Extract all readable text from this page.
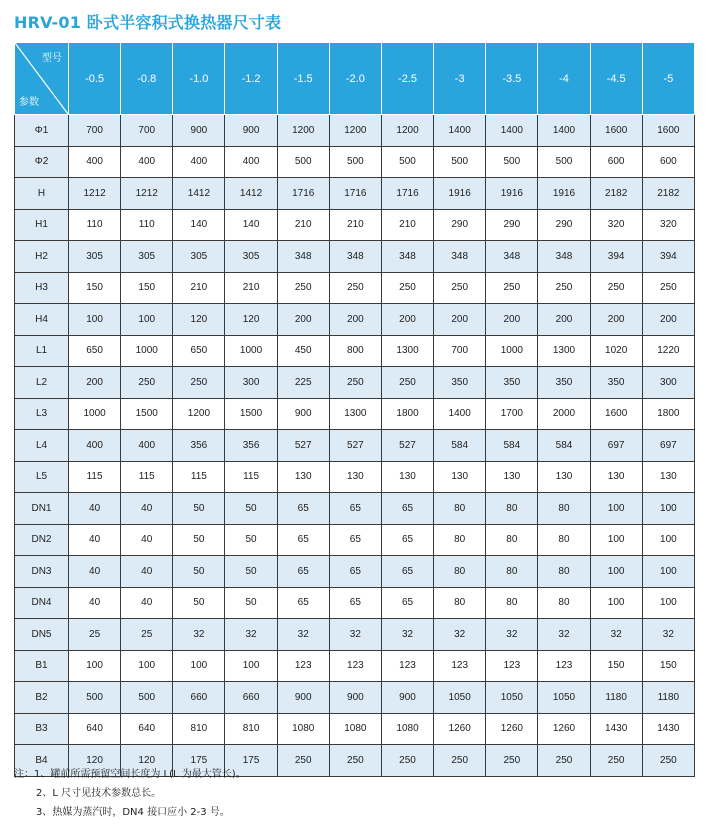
HRV-01 卧式半容积式换热器尺寸表
型号
参数	-0.5	-0.8	-1.0	-1.2	-1.5	-2.0	-2.5	-3	-3.5	-4	-4.5	-5
Φ1	700	700	900	900	1200	1200	1200	1400	1400	1400	1600	1600
Φ2	400	400	400	400	500	500	500	500	500	500	600	600
H	1212	1212	1412	1412	1716	1716	1716	1916	1916	1916	2182	2182
H1	110	110	140	140	210	210	210	290	290	290	320	320
H2	305	305	305	305	348	348	348	348	348	348	394	394
H3	150	150	210	210	250	250	250	250	250	250	250	250
H4	100	100	120	120	200	200	200	200	200	200	200	200
L1	650	1000	650	1000	450	800	1300	700	1000	1300	1020	1220
L2	200	250	250	300	225	250	250	350	350	350	350	300
L3	1000	1500	1200	1500	900	1300	1800	1400	1700	2000	1600	1800
L4	400	400	356	356	527	527	527	584	584	584	697	697
L5	115	115	115	115	130	130	130	130	130	130	130	130
DN1	40	40	50	50	65	65	65	80	80	80	100	100
DN2	40	40	50	50	65	65	65	80	80	80	100	100
DN3	40	40	50	50	65	65	65	80	80	80	100	100
DN4	40	40	50	50	65	65	65	80	80	80	100	100
DN5	25	25	32	32	32	32	32	32	32	32	32	32
B1	100	100	100	100	123	123	123	123	123	123	150	150
B2	500	500	660	660	900	900	900	1050	1050	1050	1180	1180
B3	640	640	810	810	1080	1080	1080	1260	1260	1260	1430	1430
B4	120	120	175	175	250	250	250	250	250	250	250	250
注：1、罐前所需预留空间长度为 L(L 为最大管长)。
2、L 尺寸见技术参数总长。
3、热媒为蒸汽时，DN4 接口应小 2-3 号。
